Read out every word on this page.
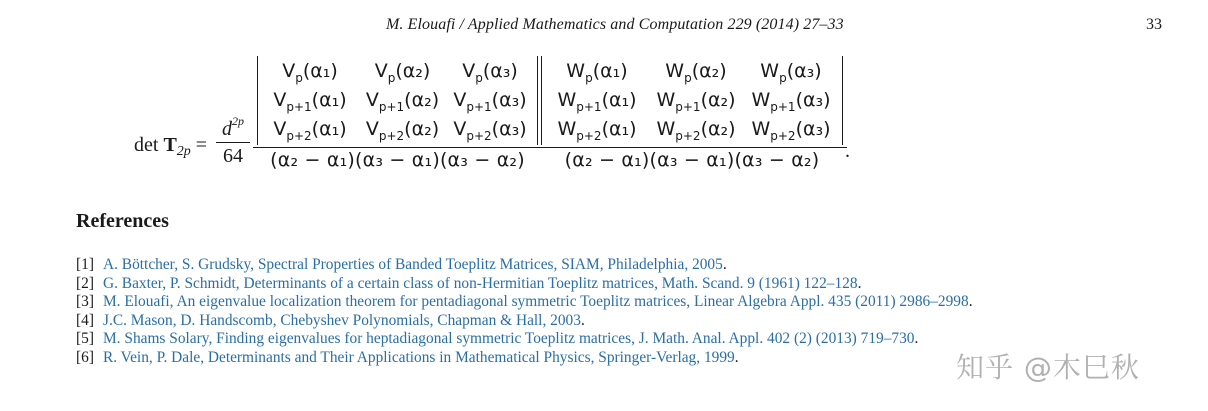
M. Elouafi / Applied Mathematics and Computation 229 (2014) 27–33	33
$\det T_{2p} = \frac{d^{2p}}{64}$
$V_p(\alpha_1)$	$V_p(\alpha_2)$	$V_p(\alpha_3)$
$V_{p+1}(\alpha_1)$	$V_{p+1}(\alpha_2)$ $V_{p+1}(\alpha_3)$
$V_{p+2}(\alpha_1)$	$V_{p+2}(\alpha_2)$ $V_{p+2}(\alpha_3)$
(α₂ − α₁)(α₃ − α₁)(α₃ − α₂)
$W_p(\alpha_1)$	$W_p(\alpha_2)$	$W_p(\alpha_3)$
$W_{p+1}(\alpha_1)$	$W_{p+1}(\alpha_2)$ $W_{p+1}(\alpha_3)$
$W_{p+2}(\alpha_1)$	$W_{p+2}(\alpha_2)$ $W_{p+2}(\alpha_3)$
(α₂ − α₁)(α₃ − α₁)(α₃ − α₂)	.
References
[1] A. Böttcher, S. Grudsky, Spectral Properties of Banded Toeplitz Matrices, SIAM, Philadelphia, 2005.
[2] G. Baxter, P. Schmidt, Determinants of a certain class of non-Hermitian Toeplitz matrices, Math. Scand. 9 (1961) 122–128.
[3] M. Elouafi, An eigenvalue localization theorem for pentadiagonal symmetric Toeplitz matrices, Linear Algebra Appl. 435 (2011) 2986–2998.
[4] J.C. Mason, D. Handscomb, Chebyshev Polynomials, Chapman & Hall, 2003.
[5] M. Shams Solary, Finding eigenvalues for heptadiagonal symmetric Toeplitz matrices, J. Math. Anal. Appl. 402 (2) (2013) 719–730.
[6] R. Vein, P. Dale, Determinants and Their Applications in Mathematical Physics, Springer-Verlag, 1999.	知乎 @木巳秋
